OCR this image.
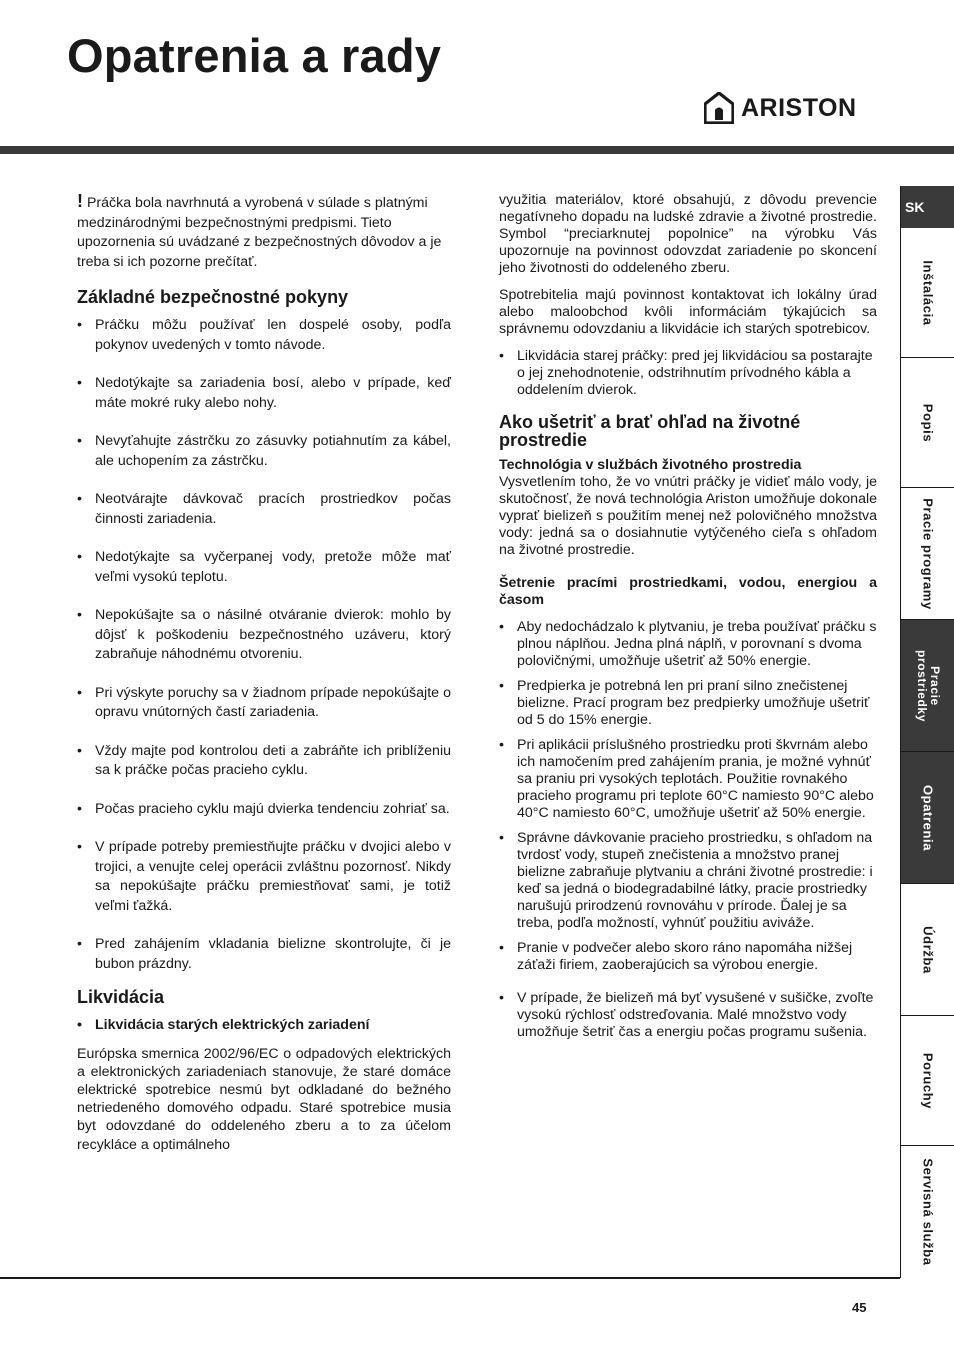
Opatrenia a rady
ARISTON

! Práčka bola navrhnutá a vyrobená v súlade s platnými medzinárodnými bezpečnostnými predpismi. Tieto upozornenia sú uvádzané z bezpečnostných dôvodov a je treba si ich pozorne prečítať.

Základné bezpečnostné pokyny
• Práčku môžu používať len dospelé osoby, podľa pokynov uvedených v tomto návode.
• Nedotýkajte sa zariadenia bosí, alebo v prípade, keď máte mokré ruky alebo nohy.
• Nevyťahujte zástrčku zo zásuvky potiahnutím za kábel, ale uchopením za zástrčku.
• Neotvárajte dávkovač pracích prostriedkov počas činnosti zariadenia.
• Nedotýkajte sa vyčerpanej vody, pretože môže mať veľmi vysokú teplotu.
• Nepokúšajte sa o násilné otváranie dvierok: mohlo by dôjsť k poškodeniu bezpečnostného uzáveru, ktorý zabraňuje náhodnému otvoreniu.
• Pri výskyte poruchy sa v žiadnom prípade nepokúšajte o opravu vnútorných častí zariadenia.
• Vždy majte pod kontrolou deti a zabráňte ich priblíženiu sa k práčke počas pracieho cyklu.
• Počas pracieho cyklu majú dvierka tendenciu zohriať sa.
• V prípade potreby premiestňujte práčku v dvojici alebo v trojici, a venujte celej operácii zvláštnu pozornosť. Nikdy sa nepokúšajte práčku premiestňovať sami, je totiž veľmi ťažká.
• Pred zahájením vkladania bielizne skontrolujte, či je bubon prázdny.
Likvidácia

• Likvidácia starých elektrických zariadení

Európska smernica 2002/96/EC o odpadových elektrických a elektronických zariadeniach stanovuje, že staré domáce elektrické spotrebice nesmú byt odkladané do bežného netriedeného domového odpadu. Staré spotrebice musia byt odovzdané do oddeleného zberu a to za účelom recykláce a optimálneho

využitia materiálov, ktoré obsahujú, z dôvodu prevencie negatívneho dopadu na ludské zdravie a životné prostredie. Symbol “preciarknutej popolnice” na výrobku Vás upozornuje na povinnost odovzdat zariadenie po skoncení jeho životnosti do oddeleného zberu.

Spotrebitelia majú povinnost kontaktovat ich lokálny úrad alebo maloobchod kvôli informáciám týkajúcich sa správnemu odovzdaniu a likvidácie ich starých spotrebicov.

• Likvidácia starej práčky: pred jej likvidáciou sa postarajte o jej znehodnotenie, odstrihnutím prívodného kábla a oddelením dvierok.
Ako ušetriť a brať ohľad na životné prostredie

Technológia v službách životného prostredia

Vysvetlením toho, že vo vnútri práčky je vidieť málo vody, je skutočnosť, že nová technológia Ariston umožňuje dokonale vyprať bielizeň s použitím menej než polovičného množstva vody: jedná sa o dosiahnutie vytýčeného cieľa s ohľadom na životné prostredie.

Šetrenie pracími prostriedkami, vodou, energiou a časom

• Aby nedochádzalo k plytvaniu, je treba používať práčku s plnou náplňou. Jedna plná náplň, v porovnaní s dvoma polovičnými, umožňuje ušetriť až 50% energie.
• Predpierka je potrebná len pri praní silno znečistenej bielizne. Prací program bez predpierky umožňuje ušetriť od 5 do 15% energie.
• Pri aplikácii príslušného prostriedku proti škvrnám alebo ich namočením pred zahájením prania, je možné vyhnúť sa praniu pri vysokých teplotách. Použitie rovnakého pracieho programu pri teplote 60°C namiesto 90°C alebo 40°C namiesto 60°C, umožňuje ušetriť až 50% energie.
• Správne dávkovanie pracieho prostriedku, s ohľadom na tvrdosť vody, stupeň znečistenia a množstvo pranej bielizne zabraňuje plytvaniu a chráni životné prostredie: i keď sa jedná o biodegradabilné látky, pracie prostriedky narušujú prirodzenú rovnováhu v prírode. Ďalej je sa treba, podľa možností, vyhnúť použitiu aviváže.
• Pranie v podvečer alebo skoro ráno napomáha nižšej záťaži firiem, zaoberajúcich sa výrobou energie.
• V prípade, že bielizeň má byť vysušené v sušičke, zvoľte vysokú rýchlosť odstreďovania. Malé množstvo vody umožňuje šetriť čas a energiu počas programu sušenia.
SK
Inštalácia
Popis
Pracie programy
Pracie prostriedky
Opatrenia
Údržba
Poruchy
Servisná služba
45
